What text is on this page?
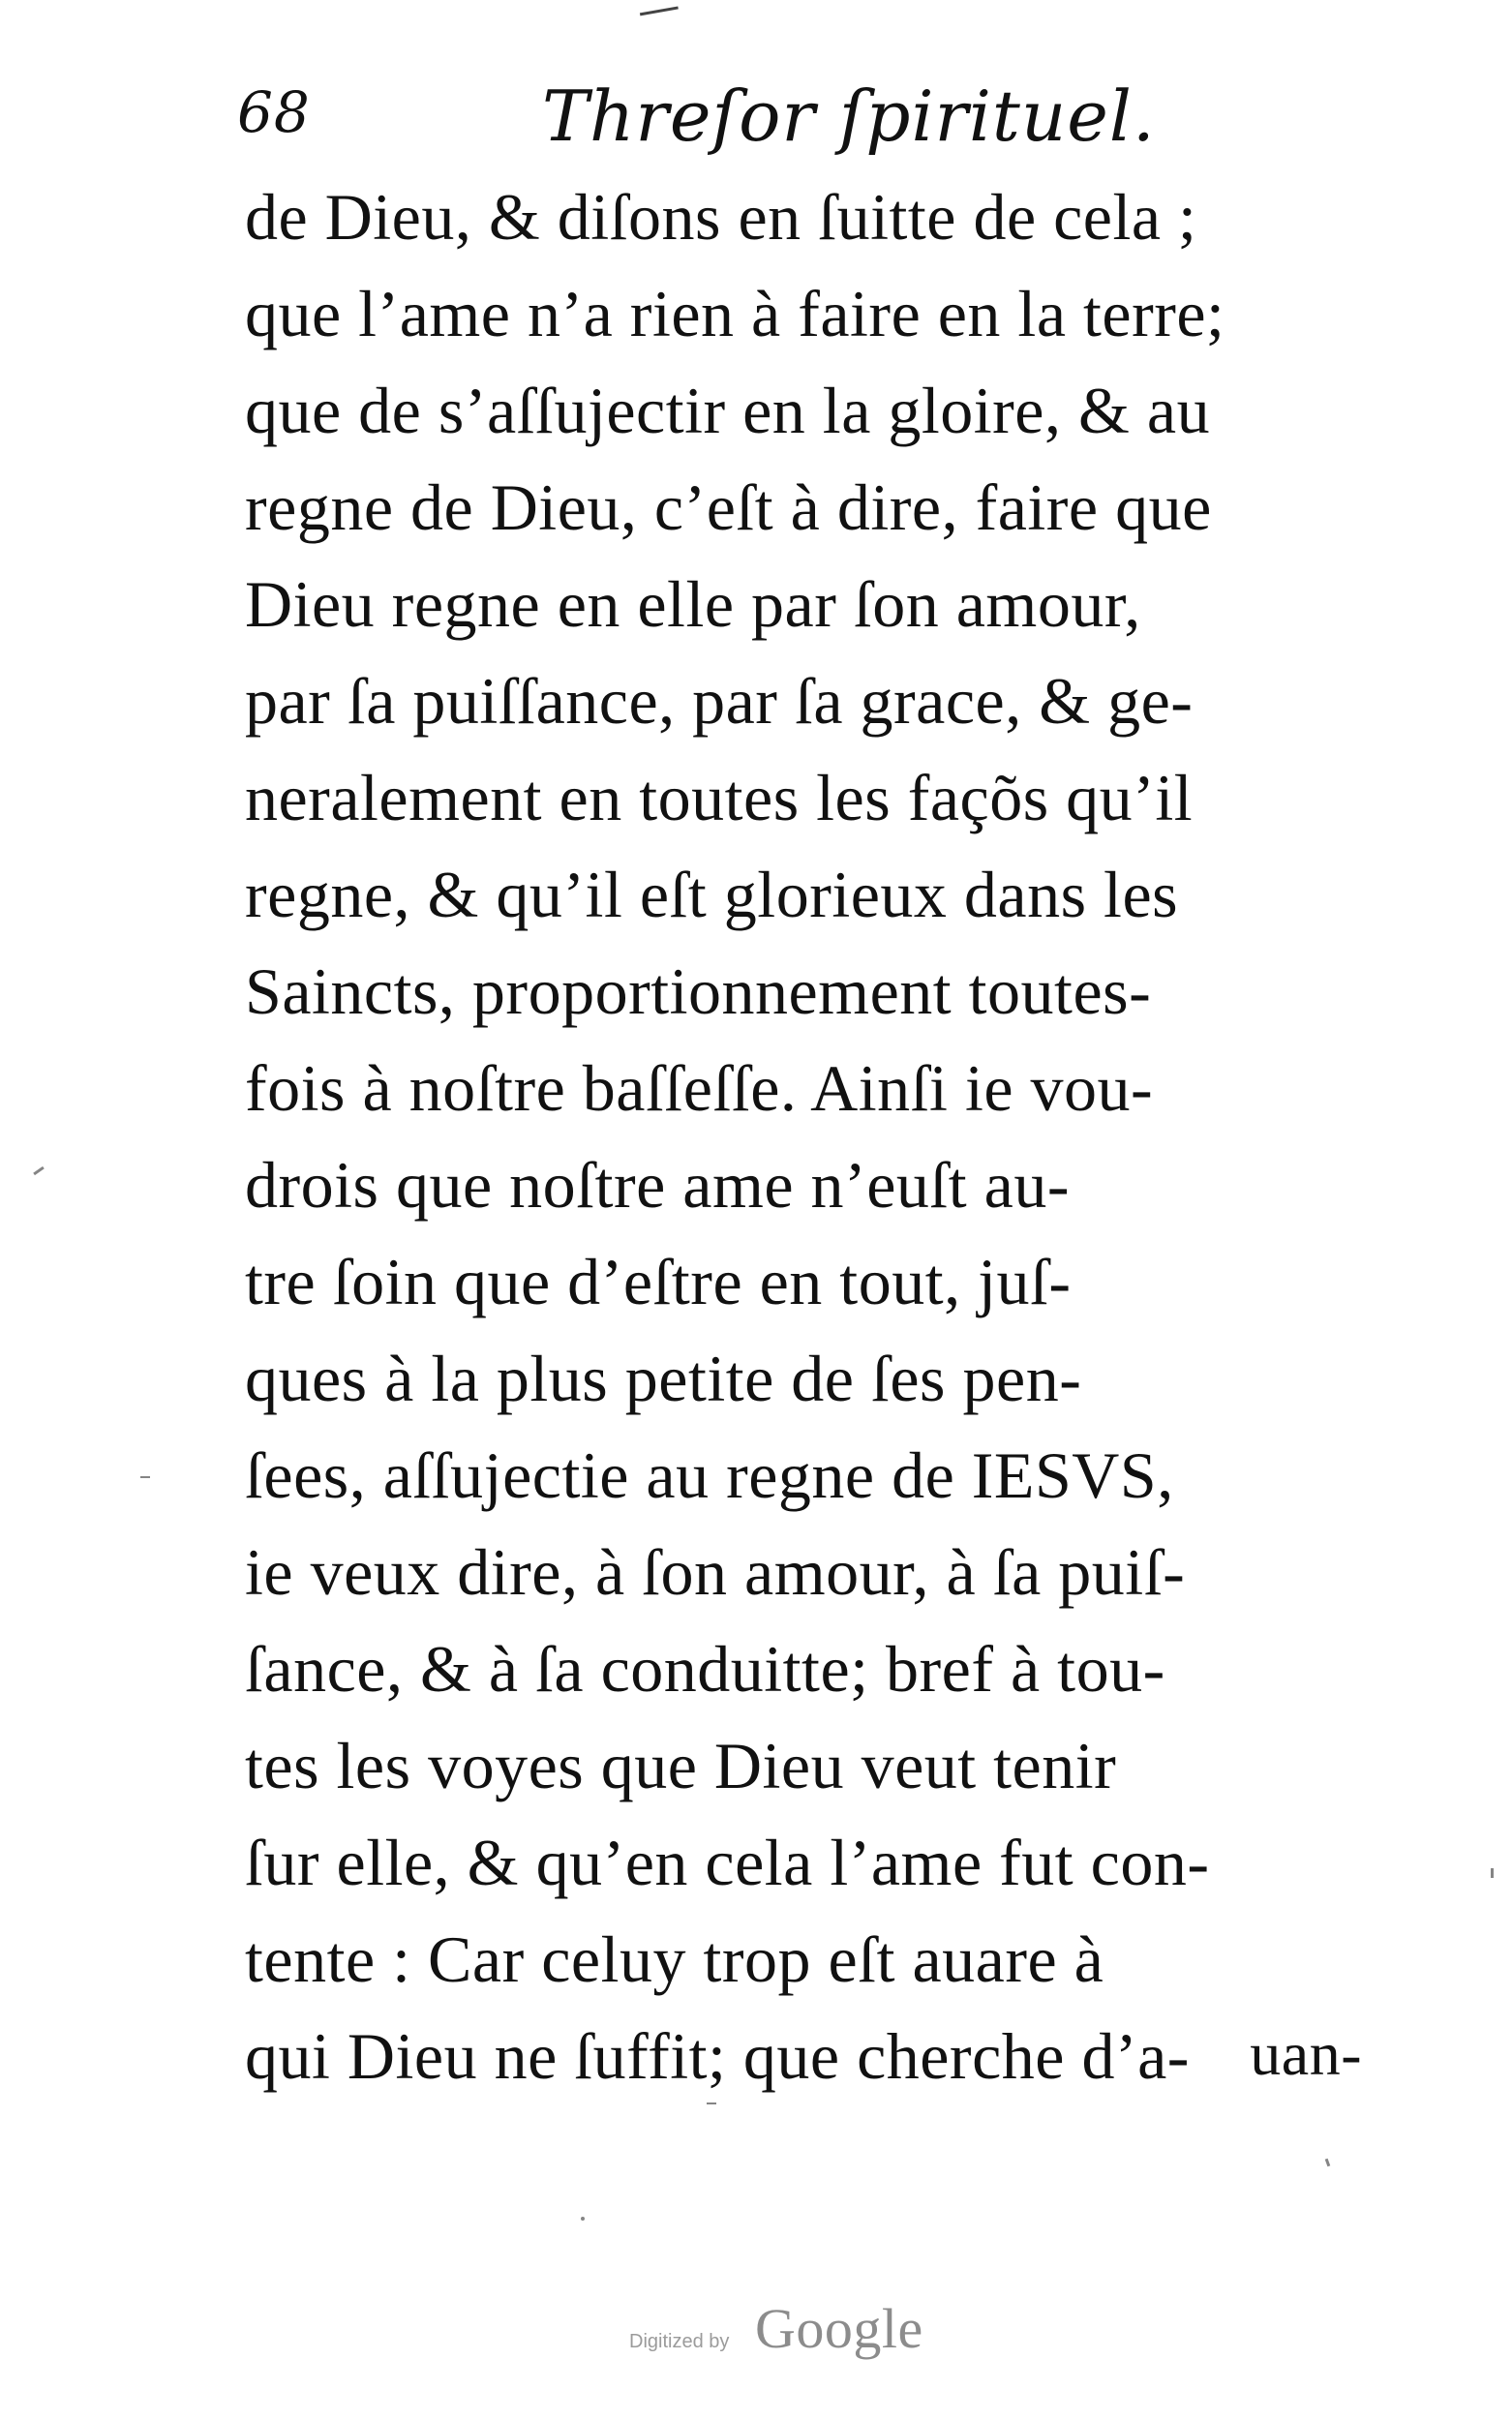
68	Threſor ſpirituel.
de Dieu, & diſons en ſuitte de cela ;
que l’ame n’a rien à faire en la terre;
que de s’aſſujectir en la gloire, & au
regne de Dieu, c’eſt à dire, faire que
Dieu regne en elle par ſon amour,
par ſa puiſſance, par ſa grace, & ge-
neralement en toutes les façõs qu’il
regne, & qu’il eſt glorieux dans les
Saincts, proportionnement toutes-
fois à noſtre baſſeſſe. Ainſi ie vou-
drois que noſtre ame n’euſt au-
tre ſoin que d’eſtre en tout, juſ-
ques à la plus petite de ſes pen-
ſees, aſſujectie au regne de IESVS,
ie veux dire, à ſon amour, à ſa puiſ-
ſance, & à ſa conduitte; bref à tou-
tes les voyes que Dieu veut tenir
ſur elle, & qu’en cela l’ame fut con-
tente : Car celuy trop eſt auare à
qui Dieu ne ſuffit; que cherche d’a- uan-
Digitized by Google
